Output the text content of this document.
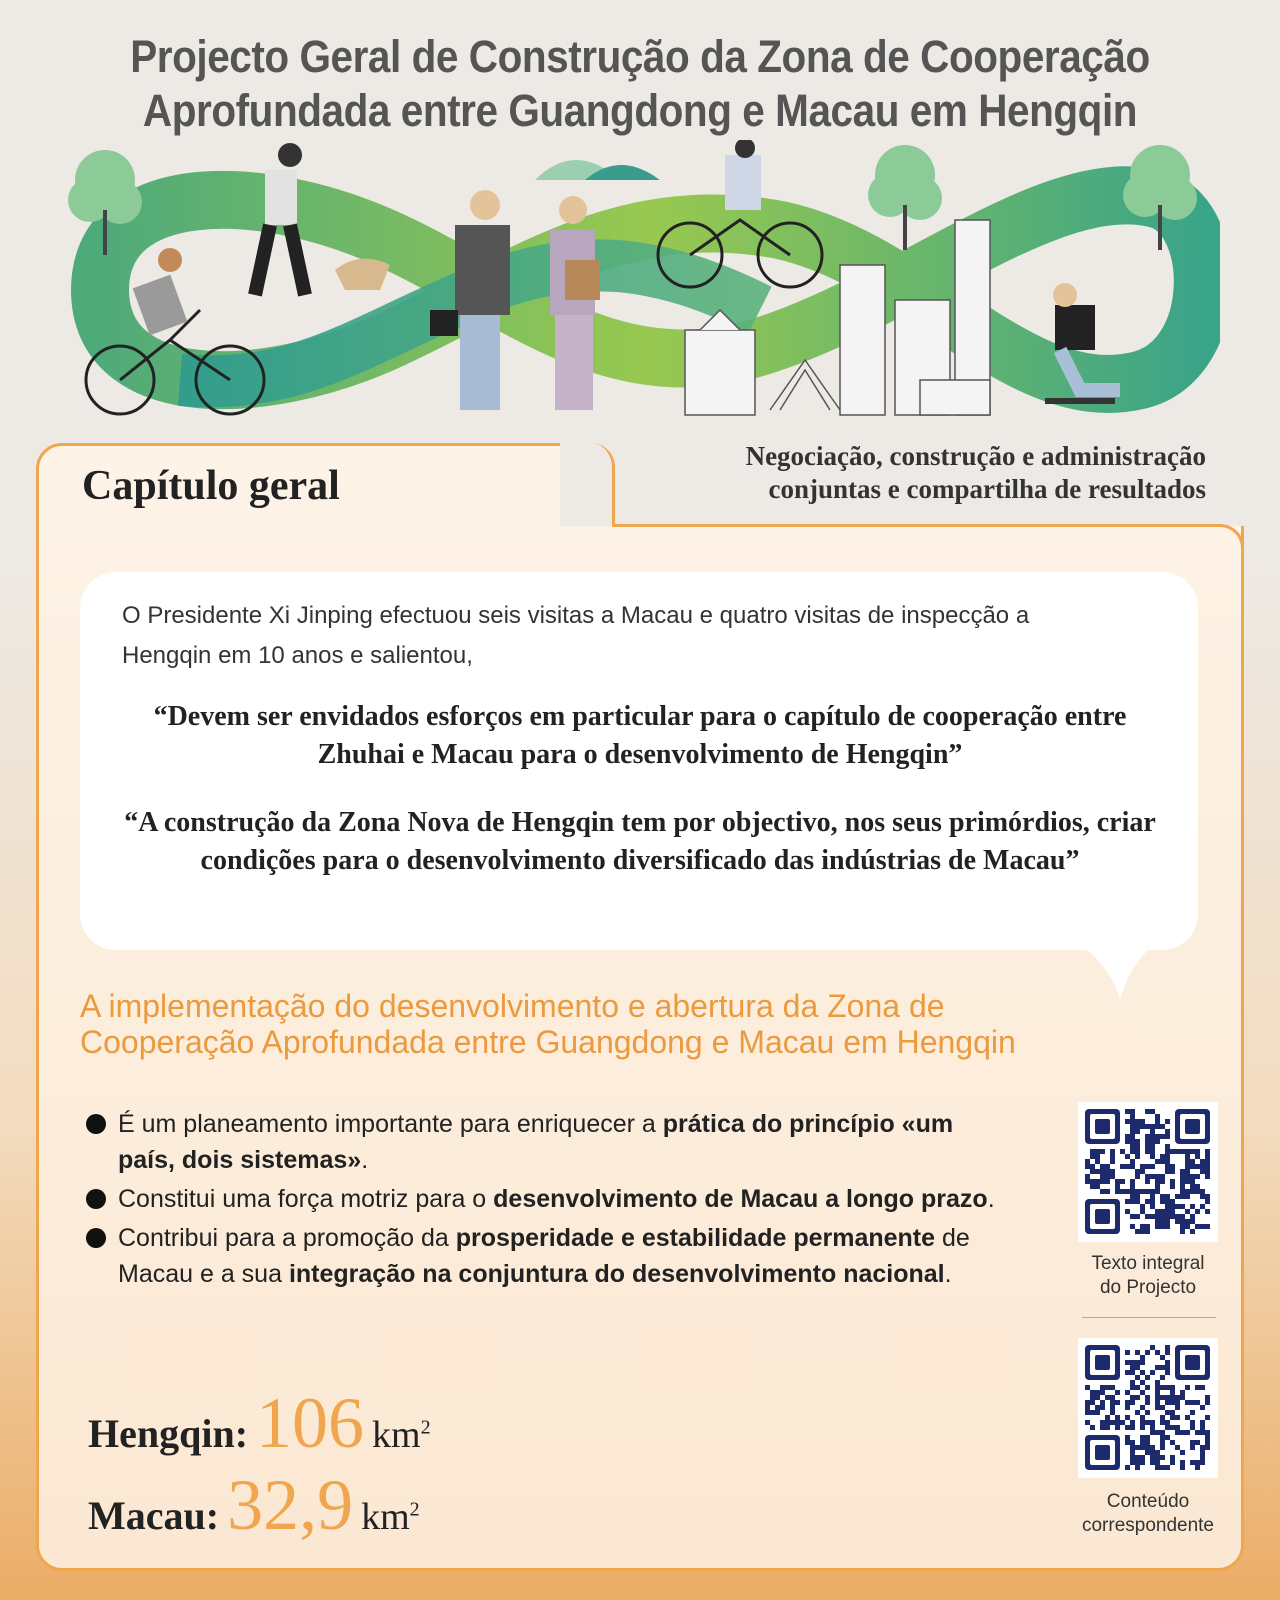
Projecto Geral de Construção da Zona de Cooperação
Aprofundada entre Guangdong e Macau em Hengqin
Capítulo geral
Negociação, construção e administração
conjuntas e compartilha de resultados
O Presidente Xi Jinping efectuou seis visitas a Macau e quatro visitas de inspecção a Hengqin em 10 anos e salientou,
“Devem ser envidados esforços em particular para o capítulo de cooperação entre Zhuhai e Macau para o desenvolvimento de Hengqin”
“A construção da Zona Nova de Hengqin tem por objectivo, nos seus primórdios, criar condições para o desenvolvimento diversificado das indústrias de Macau”
A implementação do desenvolvimento e abertura da Zona de Cooperação Aprofundada entre Guangdong e Macau em Hengqin
É um planeamento importante para enriquecer a prática do princípio «um país, dois sistemas».
Constitui uma força motriz para o desenvolvimento de Macau a longo prazo.
Contribui para a promoção da prosperidade e estabilidade permanente de Macau e a sua integração na conjuntura do desenvolvimento nacional.
Hengqin: 106 $km^2$
Macau: 32,9 $km^2$
Texto integral
do Projecto
Conteúdo
correspondente
